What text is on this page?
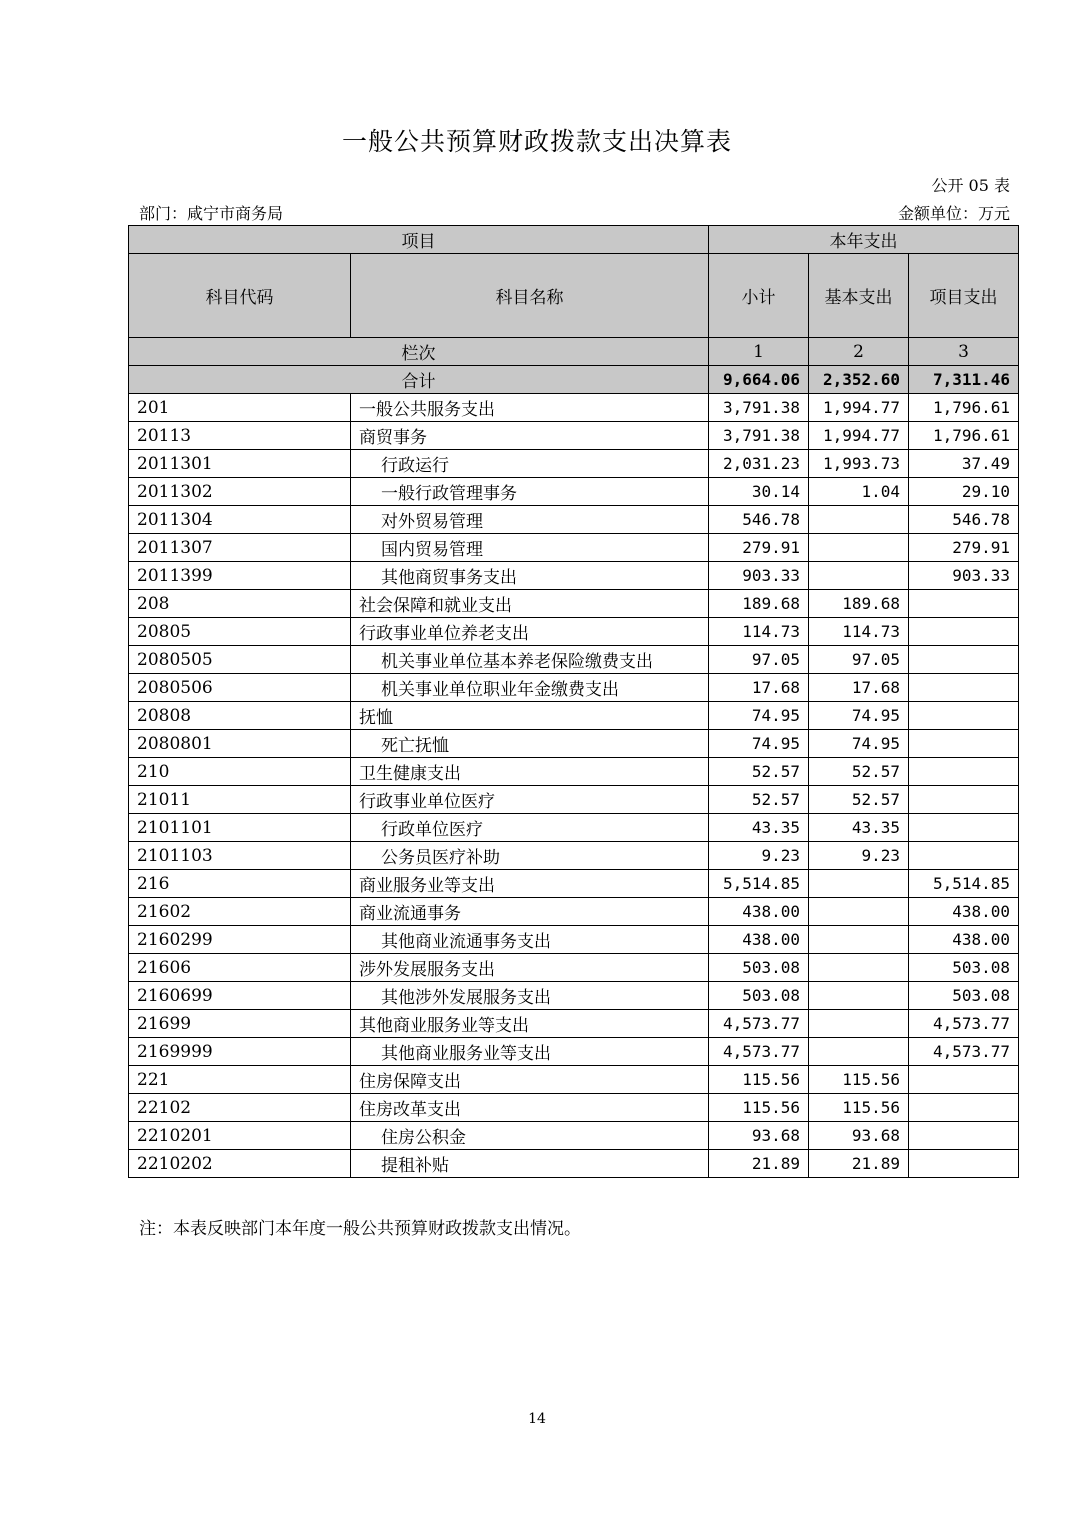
一般公共预算财政拨款支出决算表
公开 05 表
部门：咸宁市商务局	金额单位：万元
项目		本年支出		
科目代码	科目名称	小计	基本支出	项目支出
栏次		1	2	3
合计		9,664.06	2,352.60	7,311.46
201	一般公共服务支出	3,791.38	1,994.77	1,796.61
20113	商贸事务	3,791.38	1,994.77	1,796.61
2011301	行政运行	2,031.23	1,993.73	37.49
2011302	一般行政管理事务	30.14	1.04	29.10
2011304	对外贸易管理	546.78		546.78
2011307	国内贸易管理	279.91		279.91
2011399	其他商贸事务支出	903.33		903.33
208	社会保障和就业支出	189.68	189.68	
20805	行政事业单位养老支出	114.73	114.73	
2080505	机关事业单位基本养老保险缴费支出	97.05	97.05	
2080506	机关事业单位职业年金缴费支出	17.68	17.68	
20808	抚恤	74.95	74.95	
2080801	死亡抚恤	74.95	74.95	
210	卫生健康支出	52.57	52.57	
21011	行政事业单位医疗	52.57	52.57	
2101101	行政单位医疗	43.35	43.35	
2101103	公务员医疗补助	9.23	9.23	
216	商业服务业等支出	5,514.85		5,514.85
21602	商业流通事务	438.00		438.00
2160299	其他商业流通事务支出	438.00		438.00
21606	涉外发展服务支出	503.08		503.08
2160699	其他涉外发展服务支出	503.08		503.08
21699	其他商业服务业等支出	4,573.77		4,573.77
2169999	其他商业服务业等支出	4,573.77		4,573.77
221	住房保障支出	115.56	115.56	
22102	住房改革支出	115.56	115.56	
2210201	住房公积金	93.68	93.68	
2210202	提租补贴	21.89	21.89	
注：本表反映部门本年度一般公共预算财政拨款支出情况。
14
